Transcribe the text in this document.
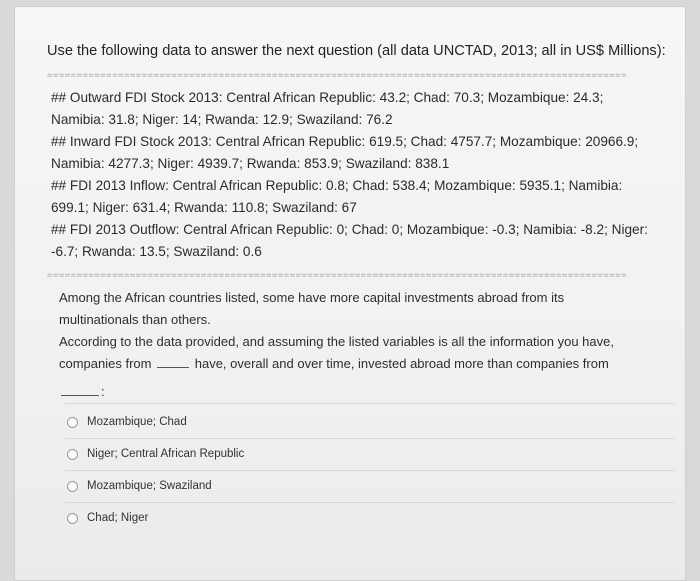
Use the following data to answer the next question (all data UNCTAD, 2013; all in US$ Millions):
==================================================================================================

## Outward FDI Stock 2013: Central African Republic: 43.2; Chad: 70.3; Mozambique: 24.3;

Namibia: 31.8; Niger: 14; Rwanda: 12.9; Swaziland: 76.2

## Inward FDI Stock 2013: Central African Republic: 619.5; Chad: 4757.7; Mozambique: 20966.9;

Namibia: 4277.3; Niger: 4939.7; Rwanda: 853.9; Swaziland: 838.1

## FDI 2013 Inflow: Central African Republic: 0.8; Chad: 538.4; Mozambique: 5935.1; Namibia:

699.1; Niger: 631.4; Rwanda: 110.8; Swaziland: 67

## FDI 2013 Outflow: Central African Republic: 0; Chad: 0; Mozambique: -0.3; Namibia: -8.2; Niger:

-6.7; Rwanda: 13.5; Swaziland: 0.6

==================================================================================================

Among the African countries listed, some have more capital investments abroad from its

multinationals than others.

According to the data provided, and assuming the listed variables is all the information you have,

companies from	have, overall and over time, invested abroad more than companies from

:

Mozambique; Chad
Niger; Central African Republic
Mozambique; Swaziland
Chad; Niger
